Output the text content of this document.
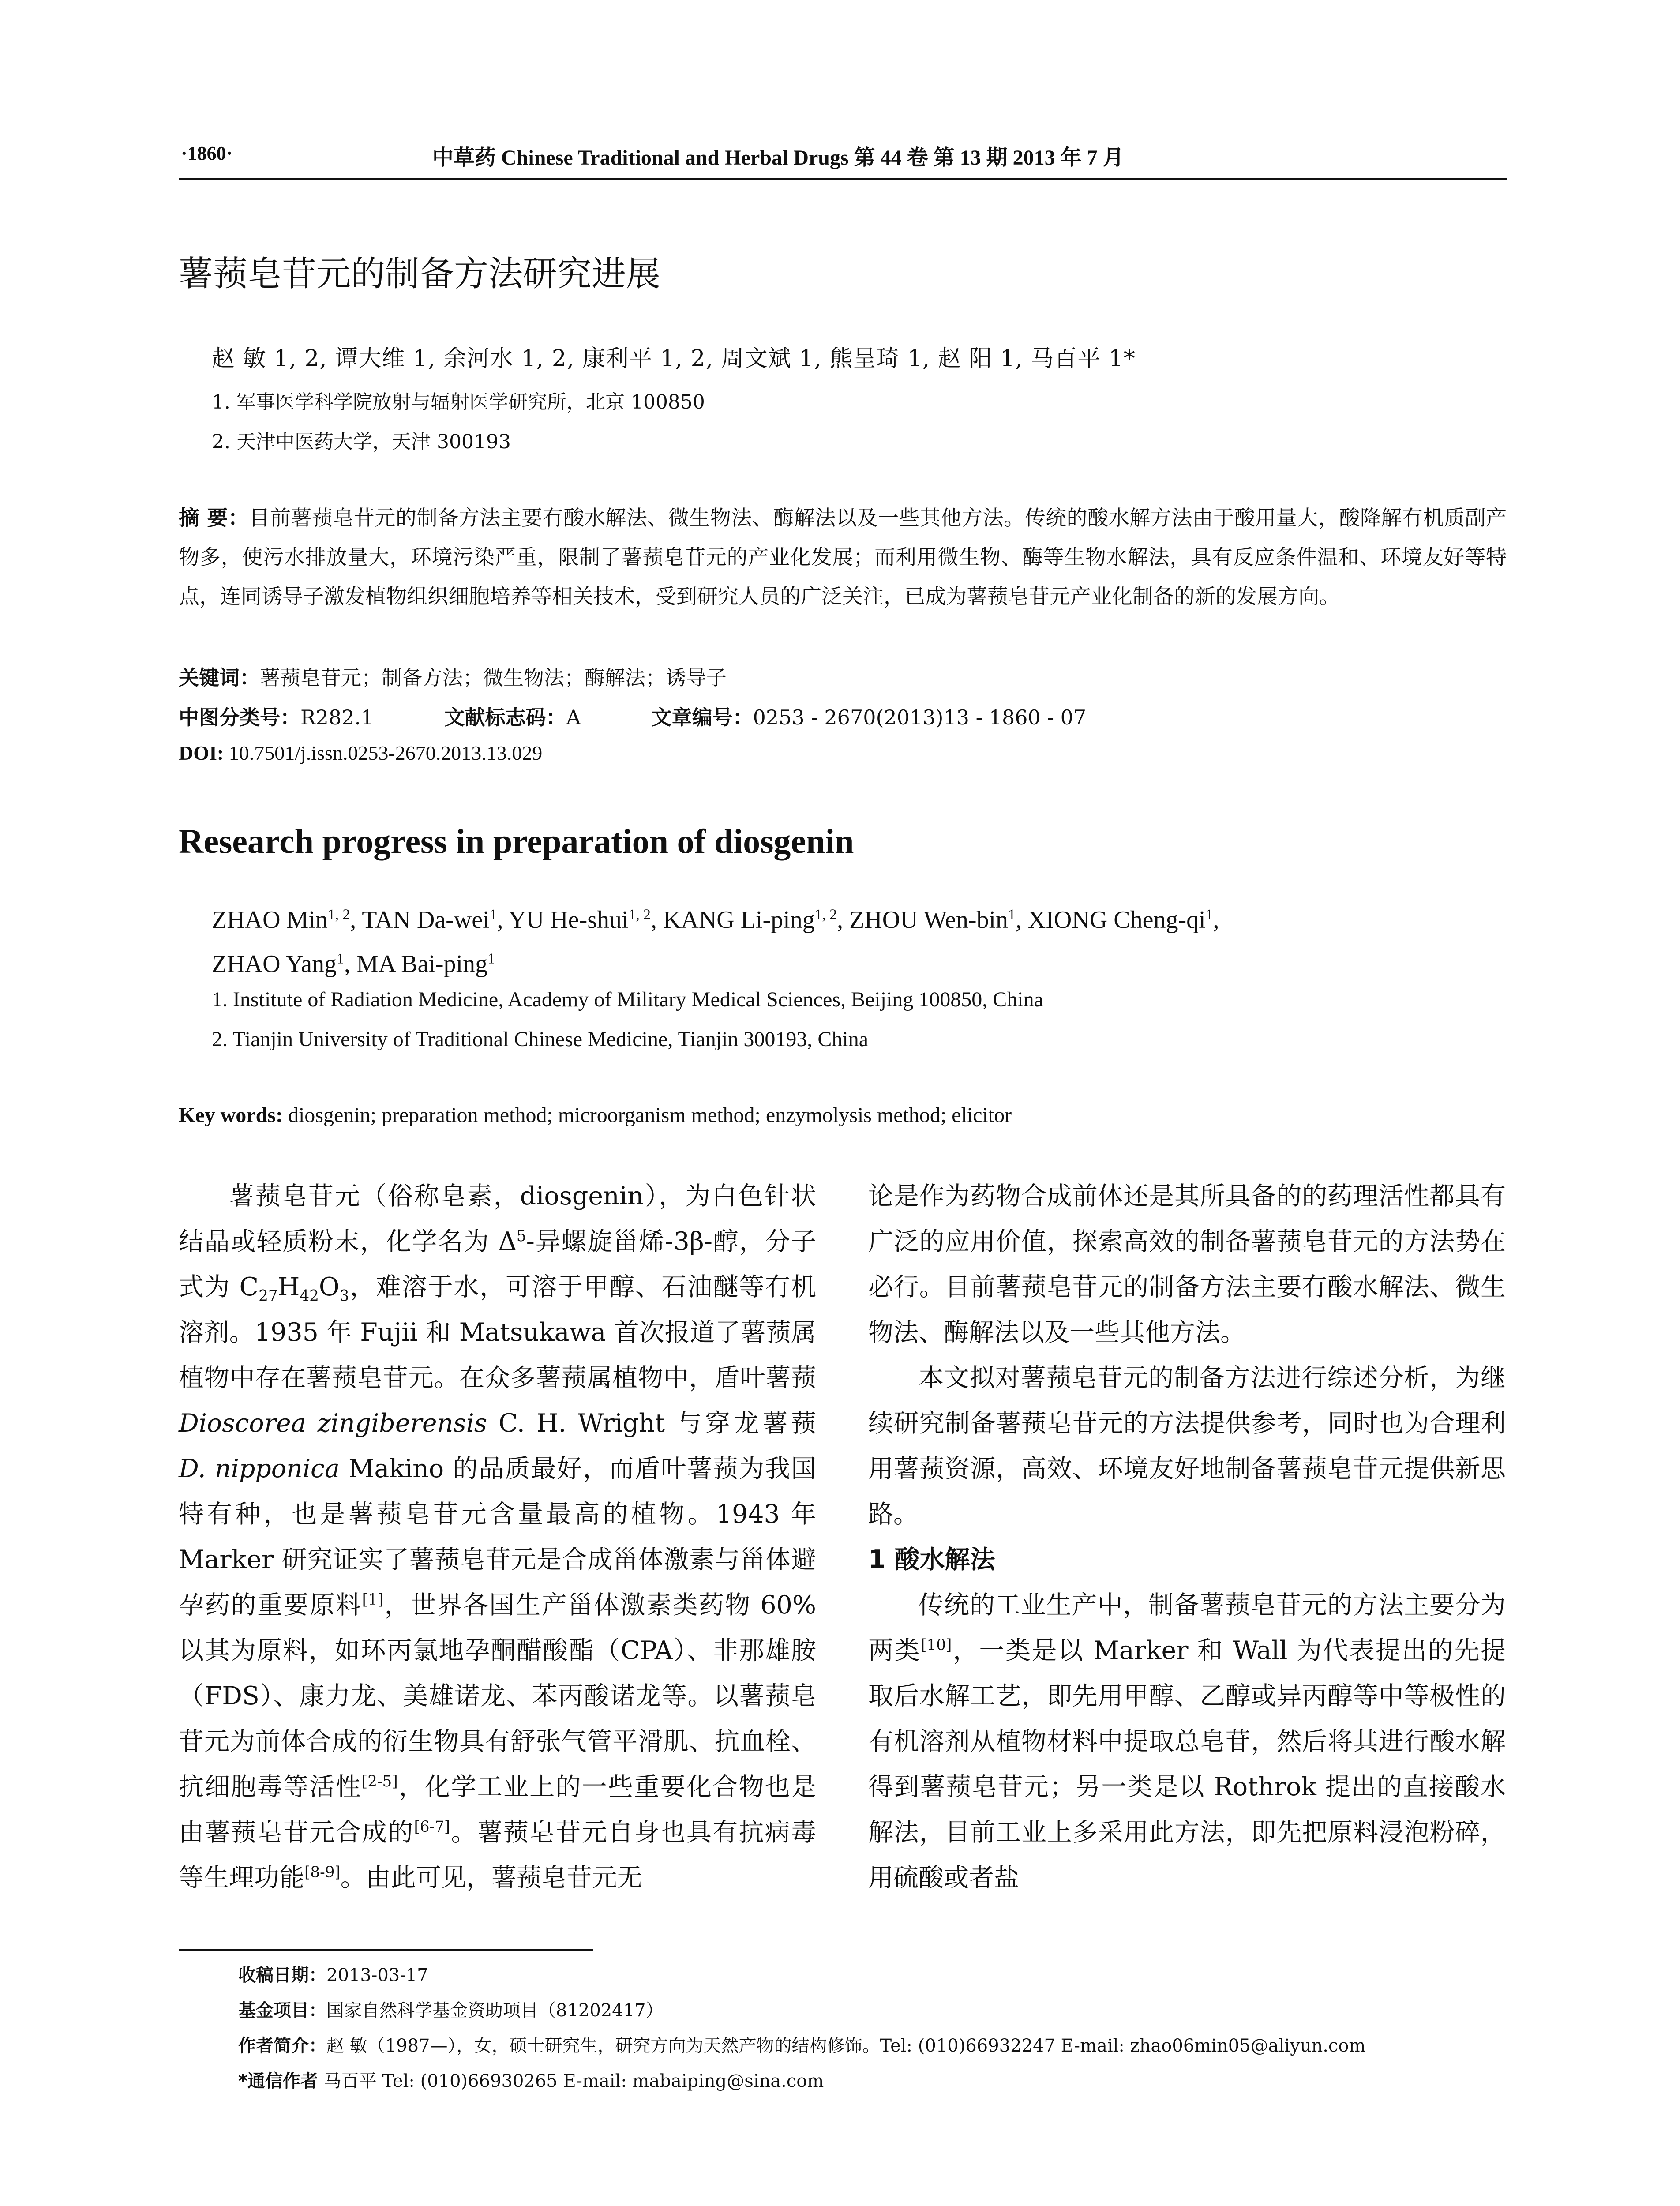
·1860·	中草药 Chinese Traditional and Herbal Drugs 第 44 卷 第 13 期 2013 年 7 月
薯蓣皂苷元的制备方法研究进展
赵 敏 1, 2, 谭大维 1, 余河水 1, 2, 康利平 1, 2, 周文斌 1, 熊呈琦 1, 赵 阳 1, 马百平 1*
1. 军事医学科学院放射与辐射医学研究所，北京 100850
2. 天津中医药大学，天津 300193
摘 要：目前薯蓣皂苷元的制备方法主要有酸水解法、微生物法、酶解法以及一些其他方法。传统的酸水解方法由于酸用量大，酸降解有机质副产物多，使污水排放量大，环境污染严重，限制了薯蓣皂苷元的产业化发展；而利用微生物、酶等生物水解法，具有反应条件温和、环境友好等特点，连同诱导子激发植物组织细胞培养等相关技术，受到研究人员的广泛关注，已成为薯蓣皂苷元产业化制备的新的发展方向。
关键词：薯蓣皂苷元；制备方法；微生物法；酶解法；诱导子
中图分类号：R282.1	文献标志码：A	文章编号：0253 - 2670(2013)13 - 1860 - 07
DOI: 10.7501/j.issn.0253-2670.2013.13.029
Research progress in preparation of diosgenin
ZHAO Min$^{1, 2}$, TAN Da-wei$^1$, YU He-shui$^{1, 2}$, KANG Li-ping$^{1, 2}$, ZHOU Wen-bin$^1$, XIONG Cheng-$qi^1$,
ZHAO Yang$^1$, MA Bai-ping$^1$
1. Institute of Radiation Medicine, Academy of Military Medical Sciences, Beijing 100850, China
2. Tianjin University of Traditional Chinese Medicine, Tianjin 300193, China
Key words: diosgenin; preparation method; microorganism method; enzymolysis method; elicitor

薯蓣皂苷元（俗称皂素，diosgenin），为白色针状结晶或轻质粉末，化学名为 $\Delta^5-$异螺旋甾烯-3β-醇，分子式为 $C_{27}H_{42}O_3$，难溶于水，可溶于甲醇、石油醚等有机溶剂。1935 年 Fujii 和 Matsukawa 首次报道了薯蓣属植物中存在薯蓣皂苷元。在众多薯蓣属植物中，盾叶薯蓣 Dioscorea zingiberensis C. H. Wright 与穿龙薯蓣 D. nipponica Makino 的品质最好，而盾叶薯蓣为我国特有种，也是薯蓣皂苷元含量最高的植物。1943 年 Marker 研究证实了薯蓣皂苷元是合成甾体激素与甾体避孕药的重要原料[1]，世界各国生产甾体激素类药物 60%以其为原料，如环丙氯地孕酮醋酸酯（CPA）、非那雄胺（FDS）、康力龙、美雄诺龙、苯丙酸诺龙等。以薯蓣皂苷元为前体合成的衍生物具有舒张气管平滑肌、抗血栓、抗细胞毒等活性[2-5]，化学工业上的一些重要化合物也是由薯蓣皂苷元合成的[6-7]。薯蓣皂苷元自身也具有抗病毒等生理功能[8-9]。由此可见，薯蓣皂苷元无

论是作为药物合成前体还是其所具备的的药理活性都具有广泛的应用价值，探索高效的制备薯蓣皂苷元的方法势在必行。目前薯蓣皂苷元的制备方法主要有酸水解法、微生物法、酶解法以及一些其他方法。

本文拟对薯蓣皂苷元的制备方法进行综述分析，为继续研究制备薯蓣皂苷元的方法提供参考，同时也为合理利用薯蓣资源，高效、环境友好地制备薯蓣皂苷元提供新思路。

1 酸水解法

传统的工业生产中，制备薯蓣皂苷元的方法主要分为两类[10]，一类是以 Marker 和 Wall 为代表提出的先提取后水解工艺，即先用甲醇、乙醇或异丙醇等中等极性的有机溶剂从植物材料中提取总皂苷，然后将其进行酸水解得到薯蓣皂苷元；另一类是以 Rothrok 提出的直接酸水解法，目前工业上多采用此方法，即先把原料浸泡粉碎，用硫酸或者盐

收稿日期：2013-03-17
基金项目：国家自然科学基金资助项目（81202417）
作者简介：赵 敏（1987—），女，硕士研究生，研究方向为天然产物的结构修饰。Tel: (010)66932247 E-mail: zhao06min05@aliyun.com
*通信作者 马百平 Tel: (010)66930265 E-mail: mabaiping@sina.com
